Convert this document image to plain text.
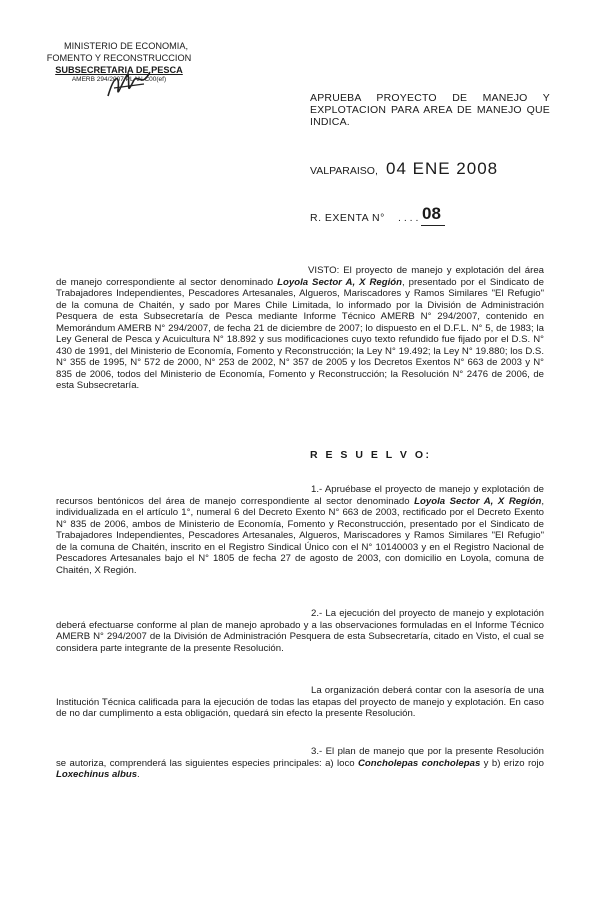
MINISTERIO DE ECONOMIA,
FOMENTO Y RECONSTRUCCION
SUBSECRETARIA DE PESCA
AMERB 294/2007 PLAN C00(ef)
APRUEBA PROYECTO DE MANEJO Y EXPLOTACION PARA AREA DE MANEJO QUE INDICA.
VALPARAISO, 04 ENE 2008
R. EXENTA N° . . . . 08
VISTO: El proyecto de manejo y explotación del área de manejo correspondiente al sector denominado Loyola Sector A, X Región, presentado por el Sindicato de Trabajadores Independientes, Pescadores Artesanales, Algueros, Mariscadores y Ramos Similares "El Refugio" de la comuna de Chaitén, y sado por Mares Chile Limitada, lo informado por la División de Administración Pesquera de esta Subsecretaría de Pesca mediante Informe Técnico AMERB N° 294/2007, contenido en Memorándum AMERB N° 294/2007, de fecha 21 de diciembre de 2007; lo dispuesto en el D.F.L. N° 5, de 1983; la Ley General de Pesca y Acuicultura N° 18.892 y sus modificaciones cuyo texto refundido fue fijado por el D.S. N° 430 de 1991, del Ministerio de Economía, Fomento y Reconstrucción; la Ley N° 19.492; la Ley N° 19.880; los D.S. N° 355 de 1995, N° 572 de 2000, N° 253 de 2002, N° 357 de 2005 y los Decretos Exentos N° 663 de 2003 y N° 835 de 2006, todos del Ministerio de Economía, Fomento y Reconstrucción; la Resolución N° 2476 de 2006, de esta Subsecretaría.
R E S U E L V O:
1.- Apruébase el proyecto de manejo y explotación de recursos bentónicos del área de manejo correspondiente al sector denominado Loyola Sector A, X Región, individualizada en el artículo 1°, numeral 6 del Decreto Exento N° 663 de 2003, rectificado por el Decreto Exento N° 835 de 2006, ambos de Ministerio de Economía, Fomento y Reconstrucción, presentado por el Sindicato de Trabajadores Independientes, Pescadores Artesanales, Algueros, Mariscadores y Ramos Similares "El Refugio" de la comuna de Chaitén, inscrito en el Registro Sindical Único con el N° 10140003 y en el Registro Nacional de Pescadores Artesanales bajo el N° 1805 de fecha 27 de agosto de 2003, con domicilio en Loyola, comuna de Chaitén, X Región.
2.- La ejecución del proyecto de manejo y explotación deberá efectuarse conforme al plan de manejo aprobado y a las observaciones formuladas en el Informe Técnico AMERB N° 294/2007 de la División de Administración Pesquera de esta Subsecretaría, citado en Visto, el cual se considera parte integrante de la presente Resolución.
La organización deberá contar con la asesoría de una Institución Técnica calificada para la ejecución de todas las etapas del proyecto de manejo y explotación. En caso de no dar cumplimento a esta obligación, quedará sin efecto la presente Resolución.
3.- El plan de manejo que por la presente Resolución se autoriza, comprenderá las siguientes especies principales: a) loco Concholepas concholepas y b) erizo rojo Loxechinus albus.
